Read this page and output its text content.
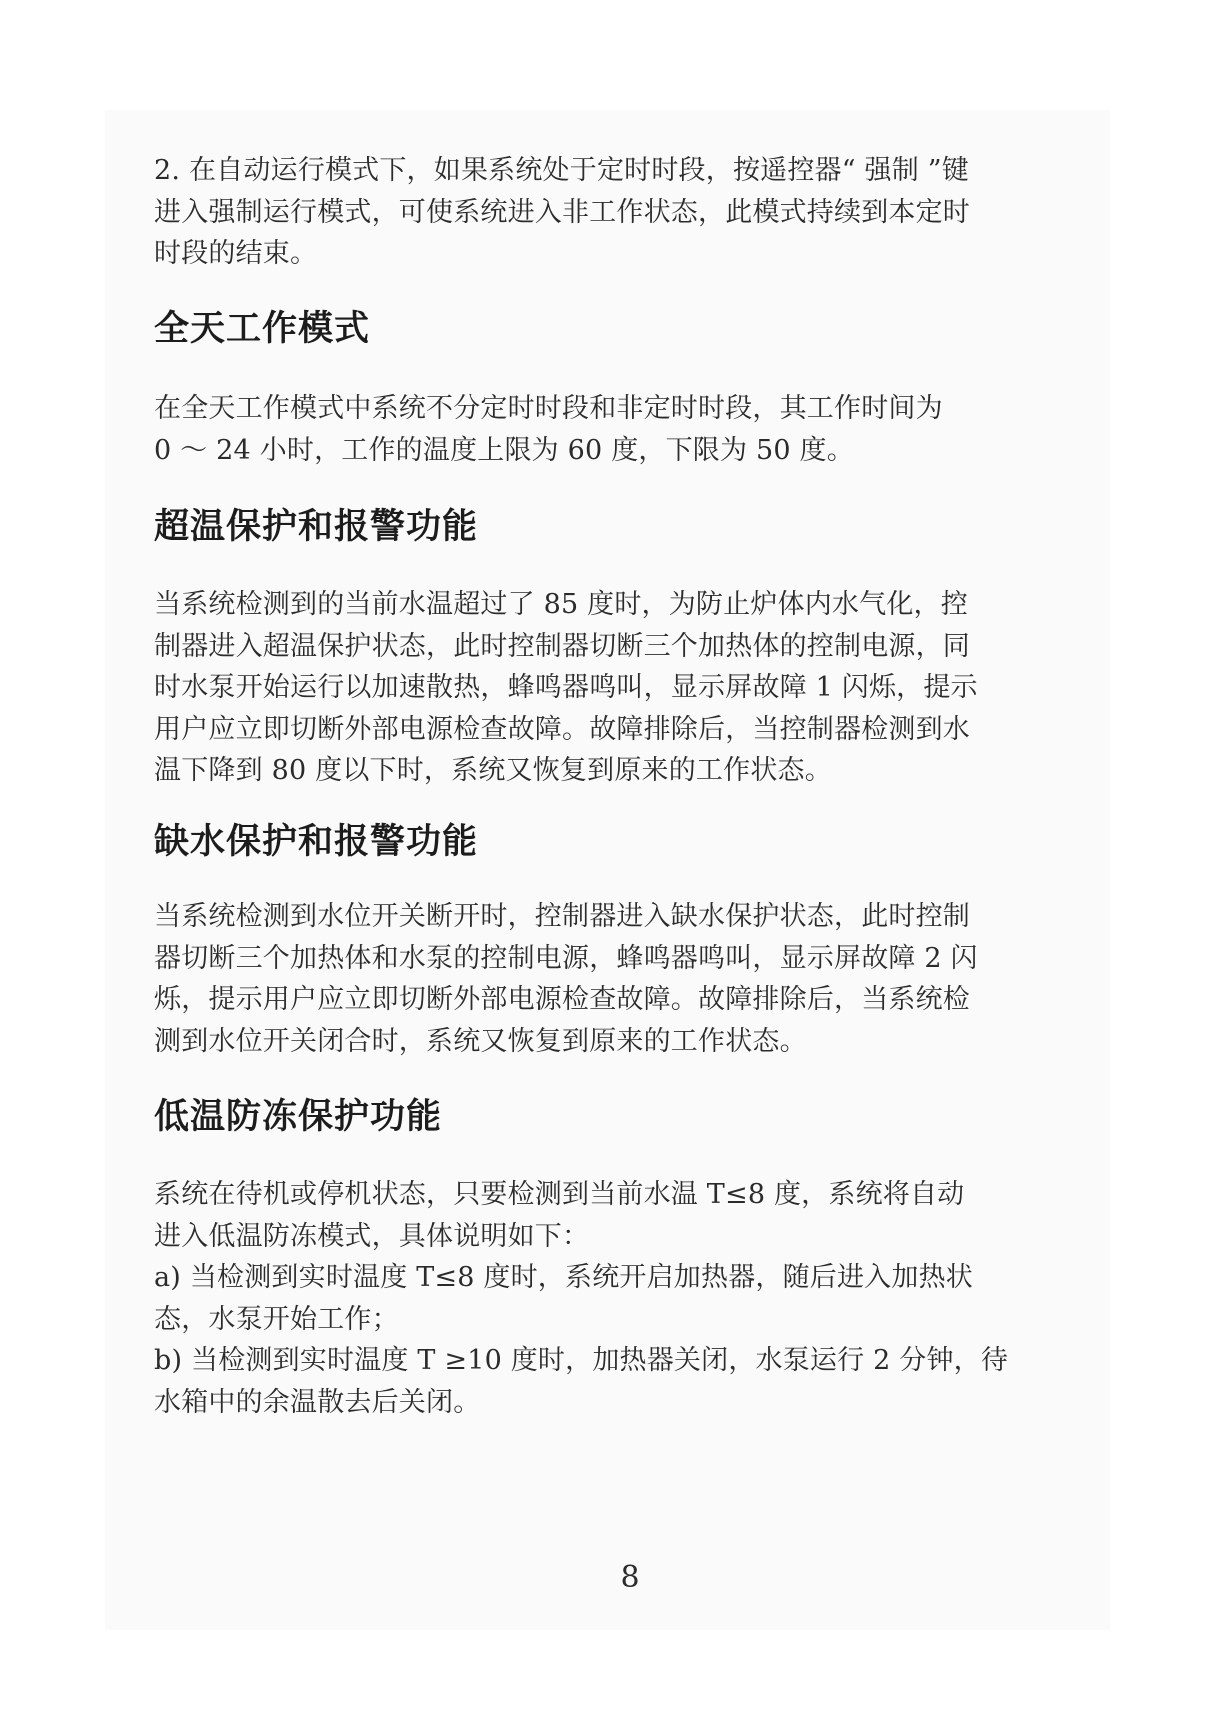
2. 在自动运行模式下，如果系统处于定时时段，按遥控器“ 强制 ”键
进入强制运行模式，可使系统进入非工作状态，此模式持续到本定时
时段的结束。

全天工作模式

在全天工作模式中系统不分定时时段和非定时时段，其工作时间为
0 ～ 24 小时，工作的温度上限为 60 度，下限为 50 度。

超温保护和报警功能

当系统检测到的当前水温超过了 85 度时，为防止炉体内水气化，控
制器进入超温保护状态，此时控制器切断三个加热体的控制电源，同
时水泵开始运行以加速散热，蜂鸣器鸣叫，显示屏故障 1 闪烁，提示
用户应立即切断外部电源检查故障。故障排除后，当控制器检测到水
温下降到 80 度以下时，系统又恢复到原来的工作状态。

缺水保护和报警功能

当系统检测到水位开关断开时，控制器进入缺水保护状态，此时控制
器切断三个加热体和水泵的控制电源，蜂鸣器鸣叫，显示屏故障 2 闪
烁，提示用户应立即切断外部电源检查故障。故障排除后，当系统检
测到水位开关闭合时，系统又恢复到原来的工作状态。

低温防冻保护功能

系统在待机或停机状态，只要检测到当前水温 T≤8 度，系统将自动
进入低温防冻模式，具体说明如下：
a) 当检测到实时温度 T≤8 度时，系统开启加热器，随后进入加热状
态，水泵开始工作；
b) 当检测到实时温度 T ≥10 度时，加热器关闭，水泵运行 2 分钟，待
水箱中的余温散去后关闭。

8
